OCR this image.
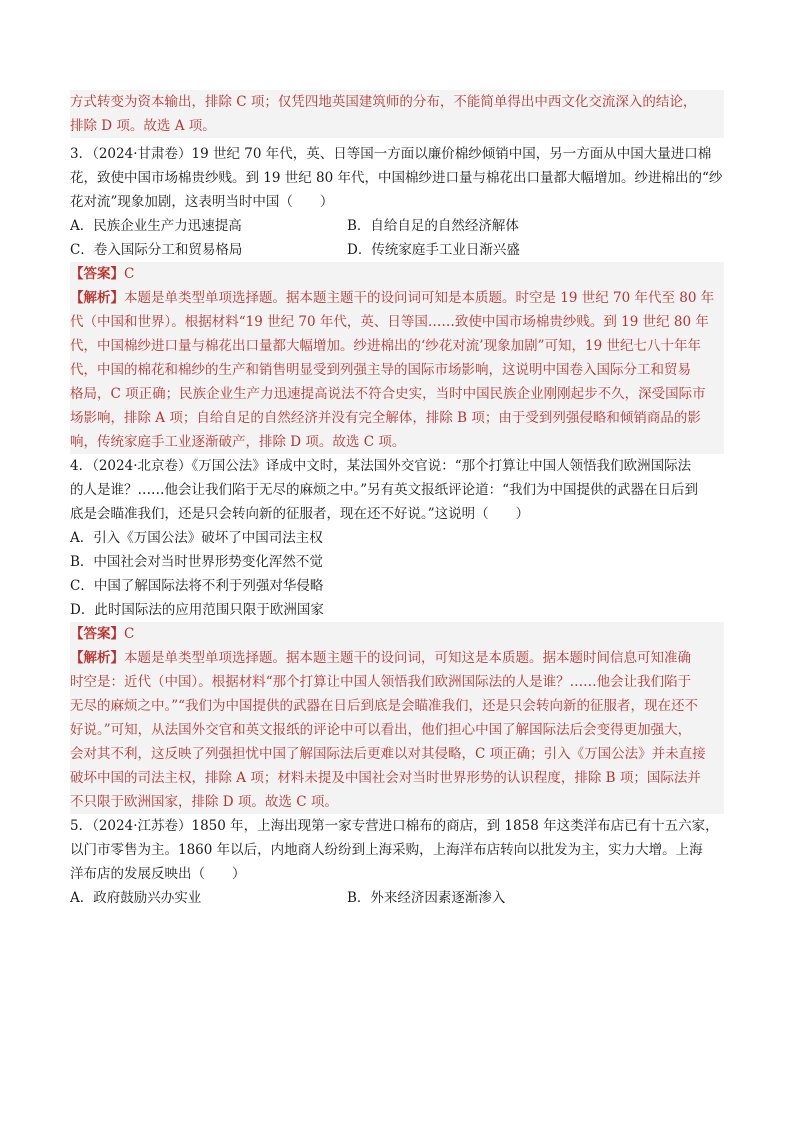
方式转变为资本输出，排除 C 项；仅凭四地英国建筑师的分布，不能简单得出中西文化交流深入的结论，
排除 D 项。故选 A 项。
3．（2024·甘肃卷）19 世纪 70 年代，英、日等国一方面以廉价棉纱倾销中国，另一方面从中国大量进口棉
花，致使中国市场棉贵纱贱。到 19 世纪 80 年代，中国棉纱进口量与棉花出口量都大幅增加。纱进棉出的“纱
花对流”现象加剧，这表明当时中国（　　）
A．民族企业生产力迅速提高	B．自给自足的自然经济解体
C．卷入国际分工和贸易格局	D．传统家庭手工业日渐兴盛
【答案】C
【解析】本题是单类型单项选择题。据本题主题干的设问词可知是本质题。时空是 19 世纪 70 年代至 80 年
代（中国和世界）。根据材料“19 世纪 70 年代，英、日等国……致使中国市场棉贵纱贱。到 19 世纪 80 年
代，中国棉纱进口量与棉花出口量都大幅增加。纱进棉出的‘纱花对流’现象加剧”可知，19 世纪七八十年年
代，中国的棉花和棉纱的生产和销售明显受到列强主导的国际市场影响，这说明中国卷入国际分工和贸易
格局，C 项正确；民族企业生产力迅速提高说法不符合史实，当时中国民族企业刚刚起步不久，深受国际市
场影响，排除 A 项；自给自足的自然经济并没有完全解体，排除 B 项；由于受到列强侵略和倾销商品的影
响，传统家庭手工业逐渐破产，排除 D 项。故选 C 项。
4．（2024·北京卷）《万国公法》译成中文时，某法国外交官说：“那个打算让中国人领悟我们欧洲国际法
的人是谁？……他会让我们陷于无尽的麻烦之中。”另有英文报纸评论道：“我们为中国提供的武器在日后到
底是会瞄准我们，还是只会转向新的征服者，现在还不好说。”这说明（　　）
A．引入《万国公法》破坏了中国司法主权
B．中国社会对当时世界形势变化浑然不觉
C．中国了解国际法将不利于列强对华侵略
D．此时国际法的应用范围只限于欧洲国家
【答案】C
【解析】本题是单类型单项选择题。据本题主题干的设问词，可知这是本质题。据本题时间信息可知准确
时空是：近代（中国）。根据材料“那个打算让中国人领悟我们欧洲国际法的人是谁？……他会让我们陷于
无尽的麻烦之中。”“我们为中国提供的武器在日后到底是会瞄准我们，还是只会转向新的征服者，现在还不
好说。”可知，从法国外交官和英文报纸的评论中可以看出，他们担心中国了解国际法后会变得更加强大，
会对其不利，这反映了列强担忧中国了解国际法后更难以对其侵略，C 项正确；引入《万国公法》并未直接
破坏中国的司法主权，排除 A 项；材料未提及中国社会对当时世界形势的认识程度，排除 B 项；国际法并
不只限于欧洲国家，排除 D 项。故选 C 项。
5．（2024·江苏卷）1850 年，上海出现第一家专营进口棉布的商店，到 1858 年这类洋布店已有十五六家，
以门市零售为主。1860 年以后，内地商人纷纷到上海采购，上海洋布店转向以批发为主，实力大增。上海
洋布店的发展反映出（　　）
A．政府鼓励兴办实业	B．外来经济因素逐渐渗入
